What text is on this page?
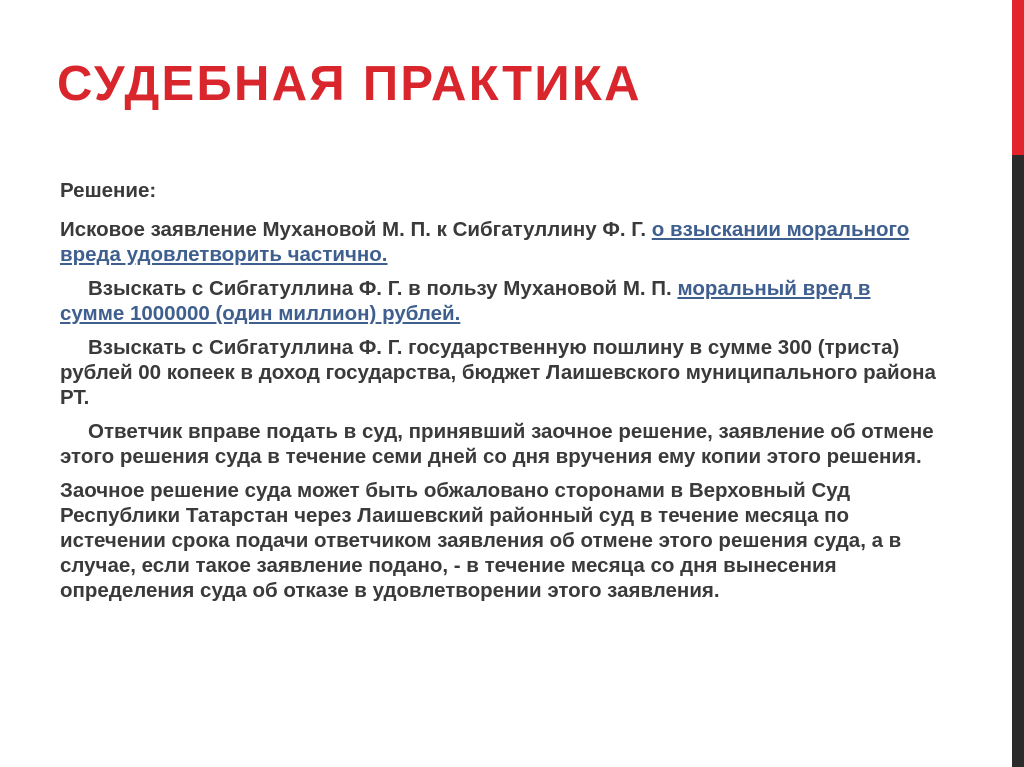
СУДЕБНАЯ ПРАКТИКА

Решение:

Исковое заявление Мухановой М. П. к Сибгатуллину Ф. Г. о взыскании морального вреда удовлетворить частично.

Взыскать с Сибгатуллина Ф. Г. в пользу Мухановой М. П. моральный вред в сумме 1000000 (один миллион) рублей.

Взыскать с Сибгатуллина Ф. Г. государственную пошлину в сумме 300 (триста) рублей 00 копеек в доход государства, бюджет Лаишевского муниципального района РТ.

Ответчик вправе подать в суд, принявший заочное решение, заявление об отмене этого решения суда в течение семи дней со дня вручения ему копии этого решения.

Заочное решение суда может быть обжаловано сторонами в Верховный Суд Республики Татарстан через Лаишевский районный суд в течение месяца по истечении срока подачи ответчиком заявления об отмене этого решения суда, а в случае, если такое заявление подано, - в течение месяца со дня вынесения определения суда об отказе в удовлетворении этого заявления.
